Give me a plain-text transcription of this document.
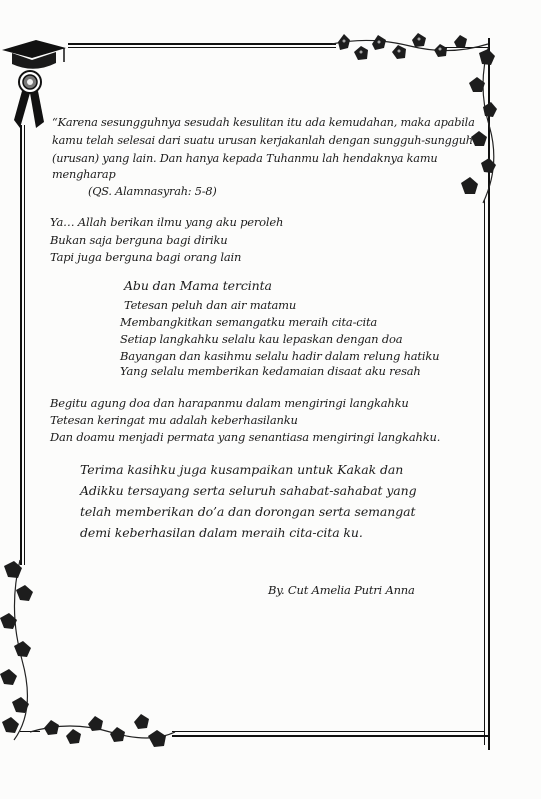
“Karena sesungguhnya sesudah kesulitan itu ada kemudahan, maka apabila
kamu telah selesai dari suatu urusan kerjakanlah dengan sungguh-sungguh
(urusan) yang lain. Dan hanya kepada Tuhanmu lah hendaknya kamu
mengharap
(QS. Alamnasyrah: 5-8)
Ya… Allah berikan ilmu yang aku peroleh
Bukan saja berguna bagi diriku
Tapi juga berguna bagi orang lain
Abu dan Mama tercinta
Tetesan peluh dan air matamu
Membangkitkan semangatku meraih cita-cita
Setiap langkahku selalu kau lepaskan dengan doa
Bayangan dan kasihmu selalu hadir dalam relung hatiku
Yang selalu memberikan kedamaian disaat aku resah
Begitu agung doa dan harapanmu dalam mengiringi langkahku
Tetesan keringat mu adalah keberhasilanku
Dan doamu menjadi permata yang senantiasa mengiringi langkahku.
Terima kasihku juga kusampaikan untuk Kakak dan
Adikku tersayang serta seluruh sahabat-sahabat yang
telah memberikan do’a dan dorongan serta semangat
demi keberhasilan dalam meraih cita-cita ku.
By. Cut Amelia Putri Anna
